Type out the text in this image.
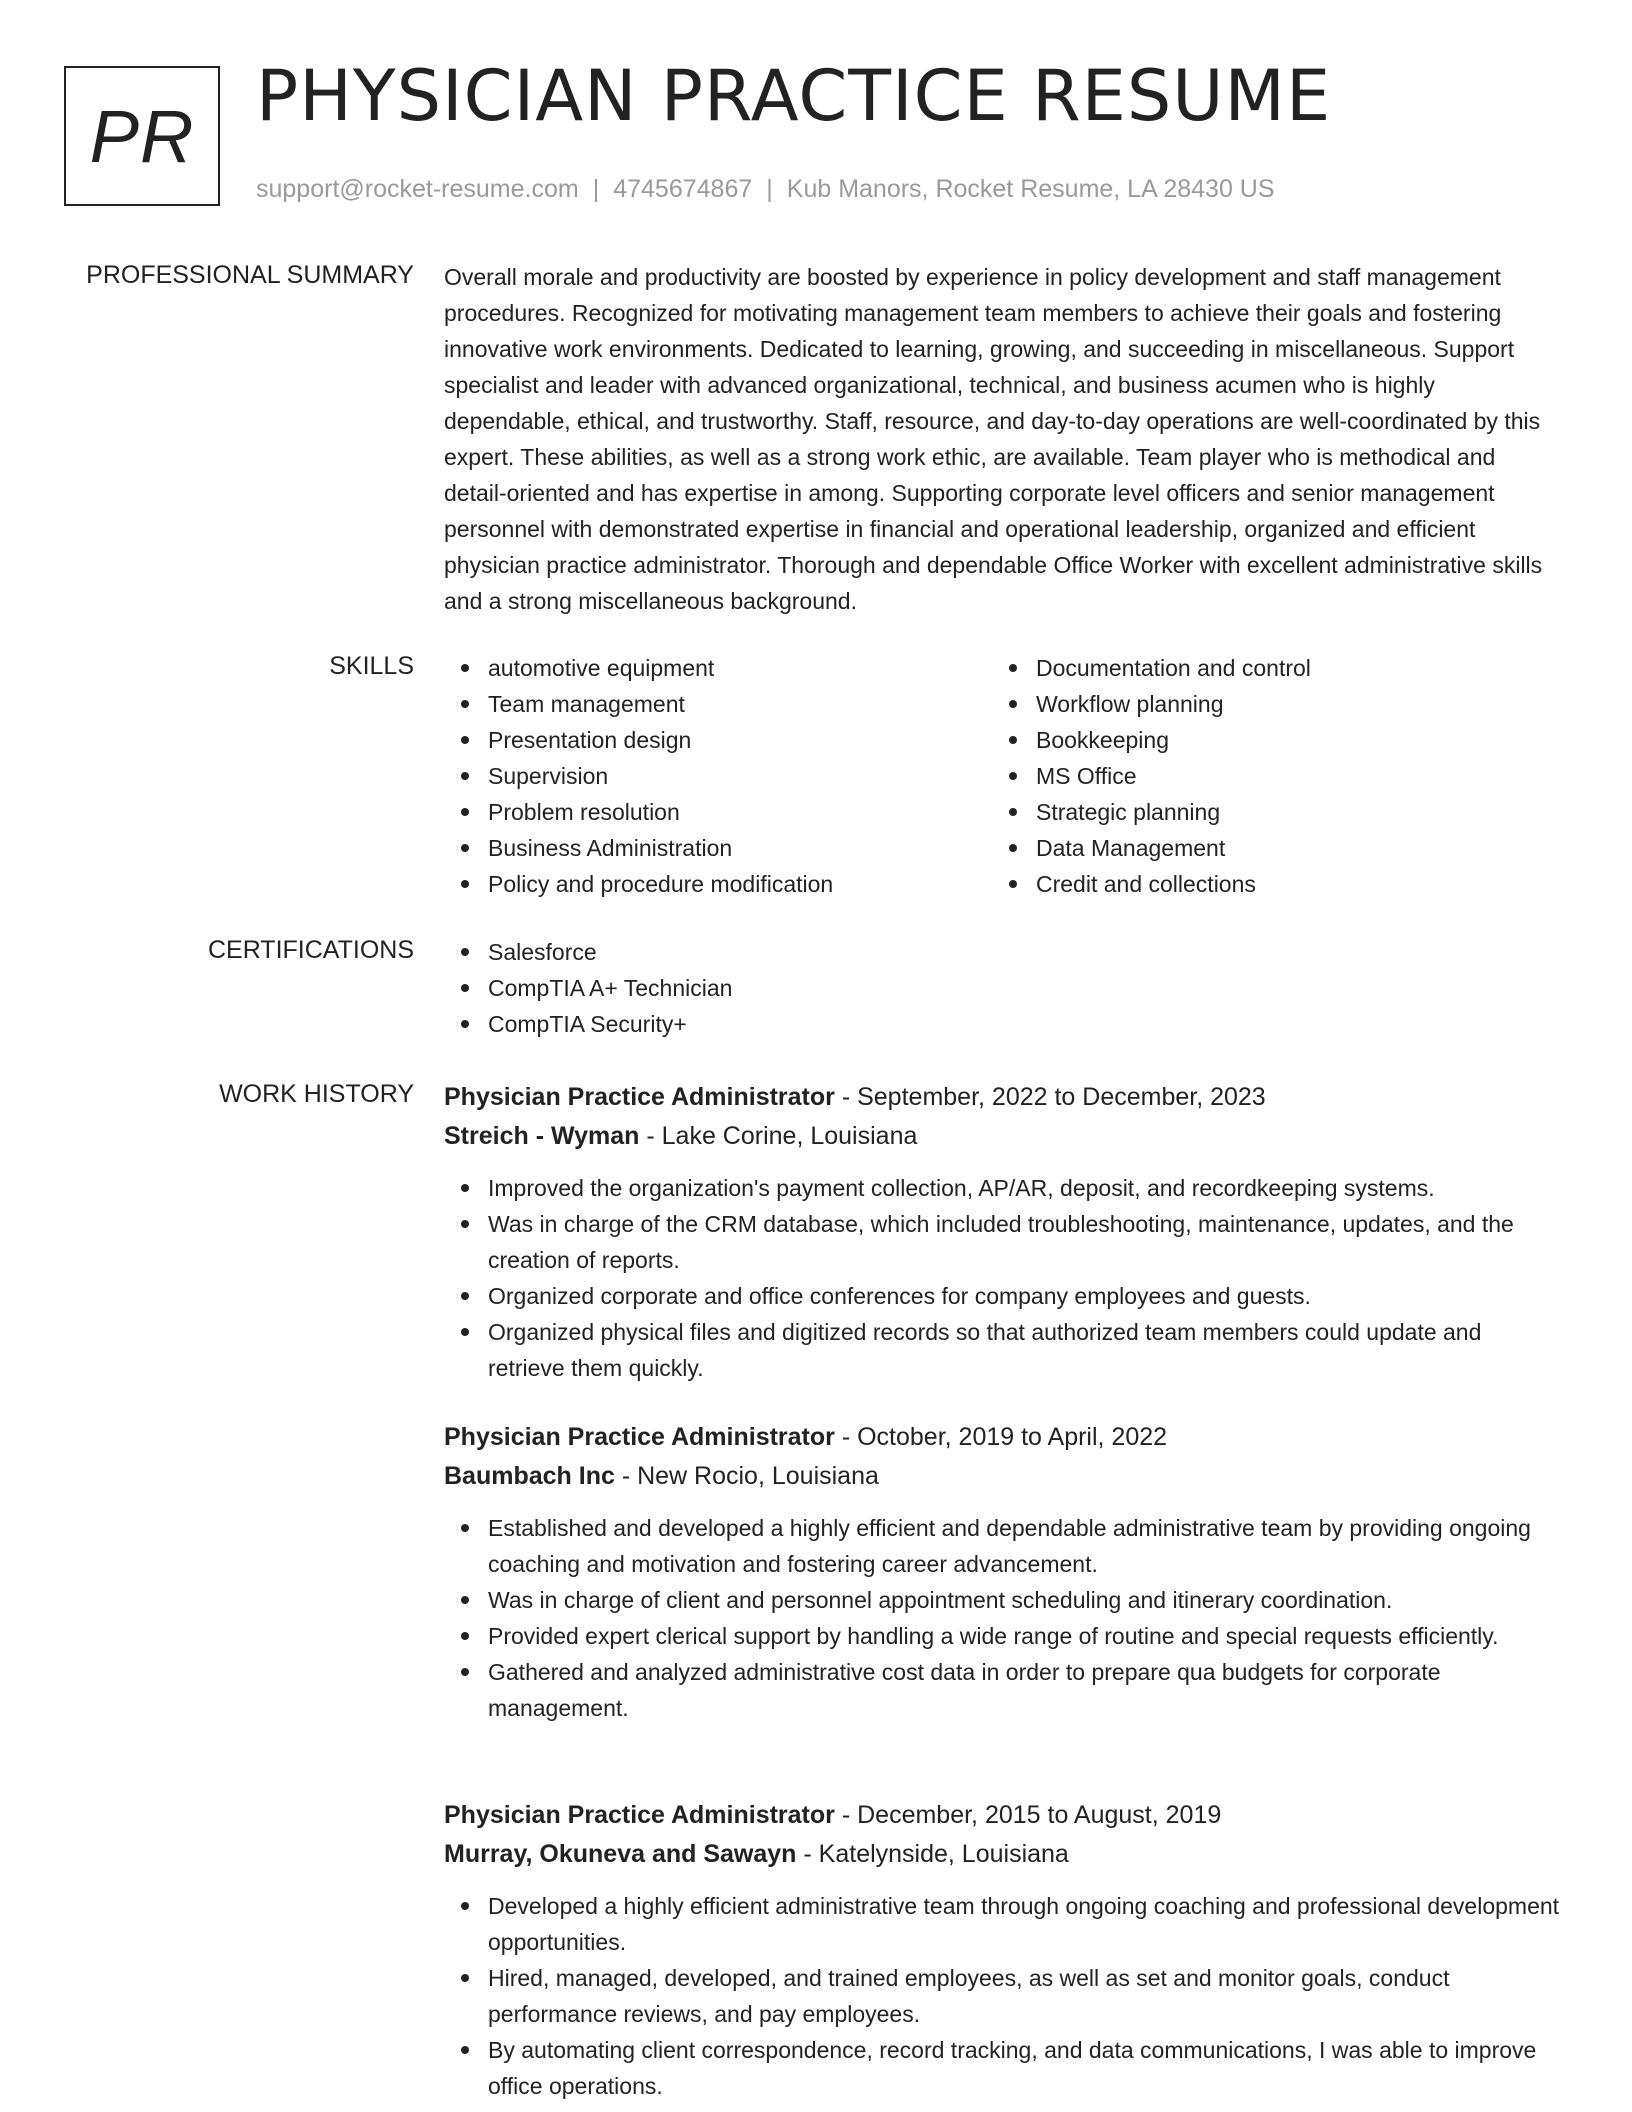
PR PHYSICIAN PRACTICE RESUME
support@rocket-resume.com | 4745674867 | Kub Manors, Rocket Resume, LA 28430 US
PROFESSIONAL SUMMARY Overall morale and productivity are boosted by experience in policy development and staff management procedures. Recognized for motivating management team members to achieve their goals and fostering innovative work environments. Dedicated to learning, growing, and succeeding in miscellaneous. Support specialist and leader with advanced organizational, technical, and business acumen who is highly dependable, ethical, and trustworthy. Staff, resource, and day-to-day operations are well-coordinated by this expert. These abilities, as well as a strong work ethic, are available. Team player who is methodical and detail-oriented and has expertise in among. Supporting corporate level officers and senior management personnel with demonstrated expertise in financial and operational leadership, organized and efficient physician practice administrator. Thorough and dependable Office Worker with excellent administrative skills and a strong miscellaneous background.

SKILLS	automotive equipment
Team management
Presentation design
Supervision
Problem resolution
Business Administration
Policy and procedure modification
Documentation and control
Workflow planning
Bookkeeping
MS Office
Strategic planning
Data Management
Credit and collections
CERTIFICATIONS	Salesforce
CompTIA A+ Technician
CompTIA Security+
WORK HISTORY Physician Practice Administrator - September, 2022 to December, 2023
Streich - Wyman - Lake Corine, Louisiana
Improved the organization's payment collection, AP/AR, deposit, and recordkeeping systems.
Was in charge of the CRM database, which included troubleshooting, maintenance, updates, and the creation of reports.
Organized corporate and office conferences for company employees and guests.
Organized physical files and digitized records so that authorized team members could update and retrieve them quickly.
Physician Practice Administrator - October, 2019 to April, 2022
Baumbach Inc - New Rocio, Louisiana
Established and developed a highly efficient and dependable administrative team by providing ongoing coaching and motivation and fostering career advancement.
Was in charge of client and personnel appointment scheduling and itinerary coordination.
Provided expert clerical support by handling a wide range of routine and special requests efficiently.
Gathered and analyzed administrative cost data in order to prepare qua budgets for corporate management.
Physician Practice Administrator - December, 2015 to August, 2019
Murray, Okuneva and Sawayn - Katelynside, Louisiana
Developed a highly efficient administrative team through ongoing coaching and professional development opportunities.
Hired, managed, developed, and trained employees, as well as set and monitor goals, conduct performance reviews, and pay employees.
By automating client correspondence, record tracking, and data communications, I was able to improve office operations.
